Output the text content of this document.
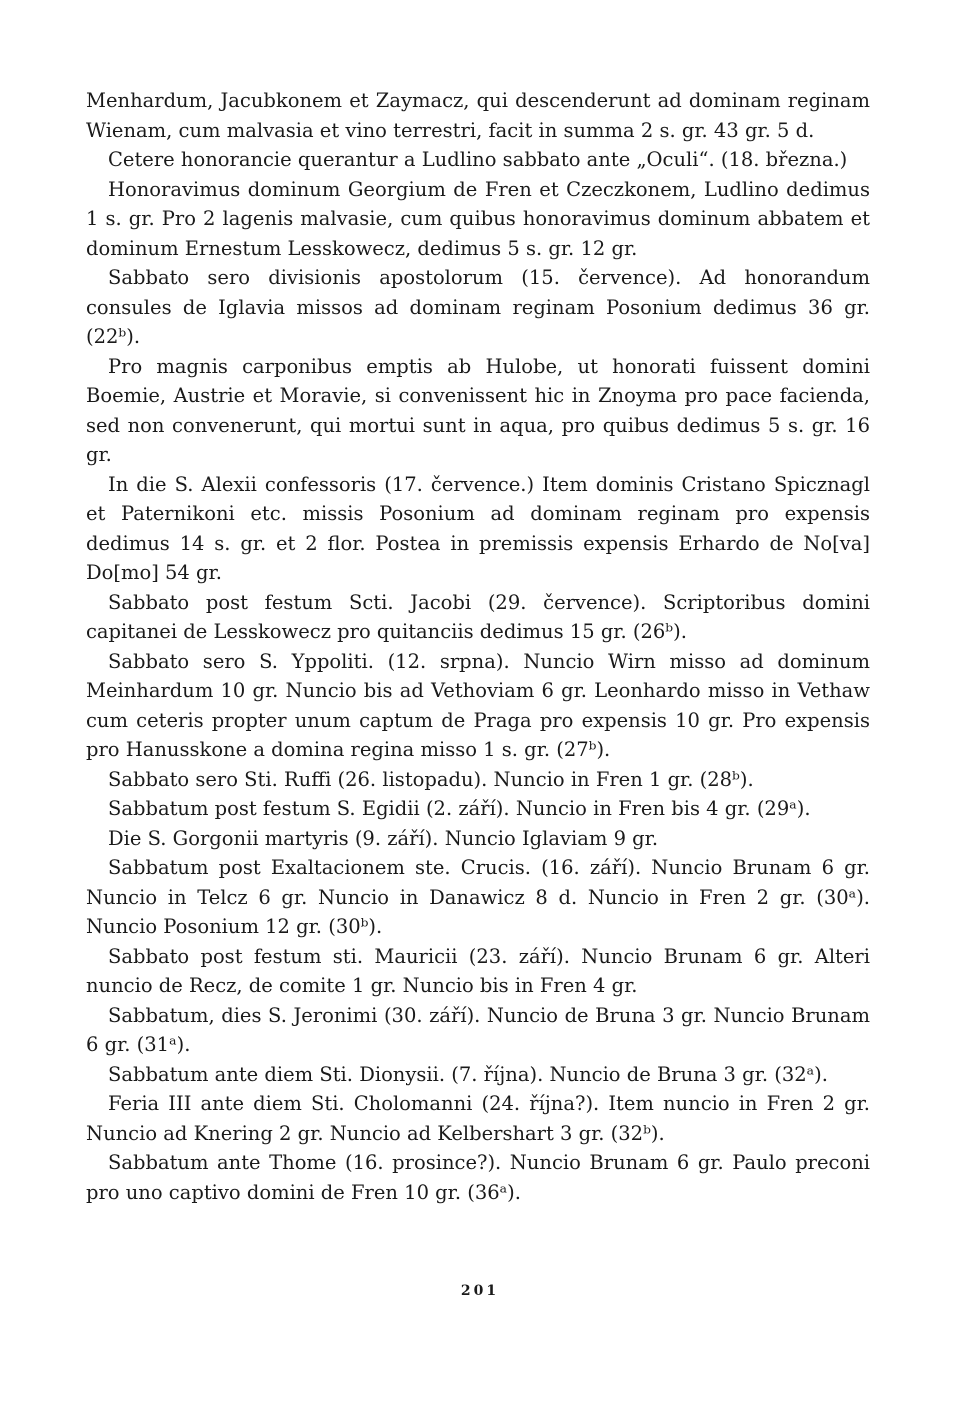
Menhardum, Jacubkonem et Zaymacz, qui descenderunt ad dominam reginam Wienam, cum malvasia et vino terrestri, facit in summa 2 s. gr. 43 gr. 5 d.

Cetere honorancie querantur a Ludlino sabbato ante „Oculi“. (18. března.)

Honoravimus dominum Georgium de Fren et Czeczkonem, Ludlino dedimus 1 s. gr. Pro 2 lagenis malvasie, cum quibus honoravimus dominum abbatem et dominum Ernestum Lesskowecz, dedimus 5 s. gr. 12 gr.

Sabbato sero divisionis apostolorum (15. července). Ad honorandum consules de Iglavia missos ad dominam reginam Posonium dedimus 36 gr. (22ᵇ).

Pro magnis carponibus emptis ab Hulobe, ut honorati fuissent domini Boemie, Austrie et Moravie, si convenissent hic in Znoyma pro pace facienda, sed non convenerunt, qui mortui sunt in aqua, pro quibus dedimus 5 s. gr. 16 gr.

In die S. Alexii confessoris (17. července.) Item dominis Cristano Spicznagl et Paternikoni etc. missis Posonium ad dominam reginam pro expensis dedimus 14 s. gr. et 2 flor. Postea in premissis expensis Erhardo de No[va] Do[mo] 54 gr.

Sabbato post festum Scti. Jacobi (29. července). Scriptoribus domini capitanei de Lesskowecz pro quitanciis dedimus 15 gr. (26ᵇ).

Sabbato sero S. Yppoliti. (12. srpna). Nuncio Wirn misso ad dominum Meinhardum 10 gr. Nuncio bis ad Vethoviam 6 gr. Leonhardo misso in Vethaw cum ceteris propter unum captum de Praga pro expensis 10 gr. Pro expensis pro Hanusskone a domina regina misso 1 s. gr. (27ᵇ).

Sabbato sero Sti. Ruffi (26. listopadu). Nuncio in Fren 1 gr. (28ᵇ).

Sabbatum post festum S. Egidii (2. září). Nuncio in Fren bis 4 gr. (29ᵃ).

Die S. Gorgonii martyris (9. září). Nuncio Iglaviam 9 gr.

Sabbatum post Exaltacionem ste. Crucis. (16. září). Nuncio Brunam 6 gr. Nuncio in Telcz 6 gr. Nuncio in Danawicz 8 d. Nuncio in Fren 2 gr. (30ᵃ). Nuncio Posonium 12 gr. (30ᵇ).

Sabbato post festum sti. Mauricii (23. září). Nuncio Brunam 6 gr. Alteri nuncio de Recz, de comite 1 gr. Nuncio bis in Fren 4 gr.

Sabbatum, dies S. Jeronimi (30. září). Nuncio de Bruna 3 gr. Nuncio Brunam 6 gr. (31ᵃ).

Sabbatum ante diem Sti. Dionysii. (7. října). Nuncio de Bruna 3 gr. (32ᵃ).

Feria III ante diem Sti. Cholomanni (24. října?). Item nuncio in Fren 2 gr. Nuncio ad Knering 2 gr. Nuncio ad Kelbershart 3 gr. (32ᵇ).

Sabbatum ante Thome (16. prosince?). Nuncio Brunam 6 gr. Paulo preconi pro uno captivo domini de Fren 10 gr. (36ᵃ).

201
